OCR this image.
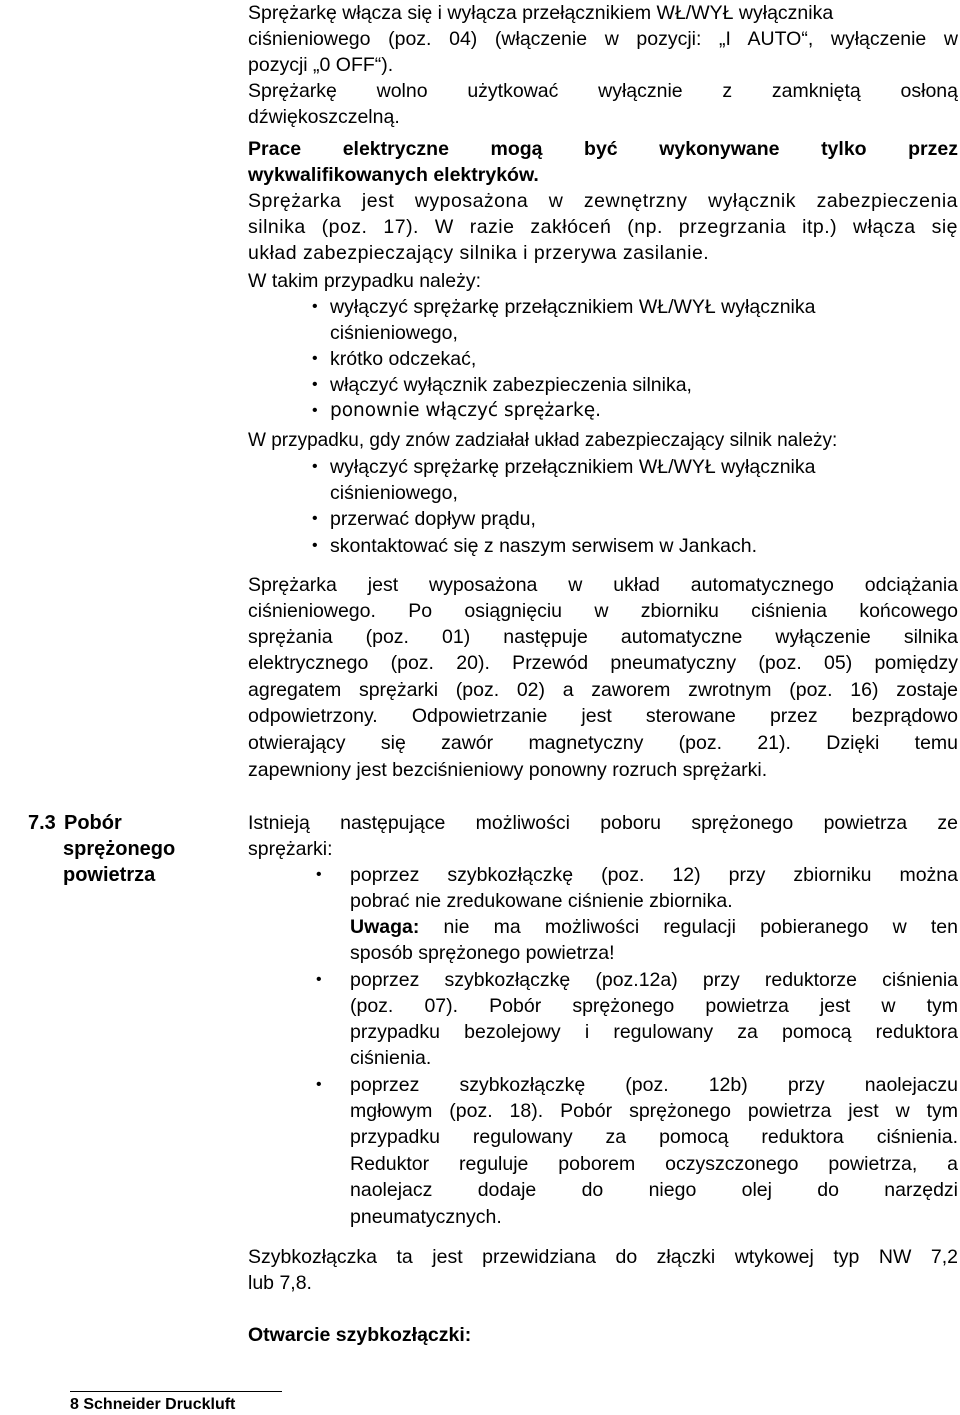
Sprężarkę włącza się i wyłącza przełącznikiem WŁ/WYŁ wyłącznika
ciśnieniowego (poz. 04) (włączenie w pozycji: „I AUTO“, wyłączenie w
pozycji „0 OFF“).
Sprężarkę wolno użytkować wyłącznie z zamkniętą osłoną
dźwiękoszczelną.
Prace elektryczne mogą być wykonywane tylko przez
wykwalifikowanych elektryków.
Sprężarka jest wyposażona w zewnętrzny wyłącznik zabezpieczenia
silnika (poz. 17). W razie zakłóceń (np. przegrzania itp.) włącza się
układ zabezpieczający silnika i przerywa zasilanie.
W takim przypadku należy:
• wyłączyć sprężarkę przełącznikiem WŁ/WYŁ wyłącznika
ciśnieniowego,
• krótko odczekać,
• włączyć wyłącznik zabezpieczenia silnika,
• ponownie włączyć sprężarkę.
W przypadku, gdy znów zadziałał układ zabezpieczający silnik należy:
• wyłączyć sprężarkę przełącznikiem WŁ/WYŁ wyłącznika
ciśnieniowego,
• przerwać dopływ prądu,
• skontaktować się z naszym serwisem w Jankach.
Sprężarka jest wyposażona w układ automatycznego odciążania
ciśnieniowego. Po osiągnięciu w zbiorniku ciśnienia końcowego
sprężania (poz. 01) następuje automatyczne wyłączenie silnika
elektrycznego (poz. 20). Przewód pneumatyczny (poz. 05) pomiędzy
agregatem sprężarki (poz. 02) a zaworem zwrotnym (poz. 16) zostaje
odpowietrzony. Odpowietrzanie jest sterowane przez bezprądowo
otwierający się zawór magnetyczny (poz. 21). Dzięki temu
zapewniony jest bezciśnieniowy ponowny rozruch sprężarki.
7.3 Pobór
sprężonego
powietrza
Istnieją następujące możliwości poboru sprężonego powietrza ze
sprężarki:
• poprzez szybkozłączkę (poz. 12) przy zbiorniku można
pobrać nie zredukowane ciśnienie zbiornika.
Uwaga: nie ma możliwości regulacji pobieranego w ten
sposób sprężonego powietrza!
• poprzez szybkozłączkę (poz.12a) przy reduktorze ciśnienia
(poz. 07). Pobór sprężonego powietrza jest w tym
przypadku bezolejowy i regulowany za pomocą reduktora
ciśnienia.
• poprzez szybkozłączkę (poz. 12b) przy naolejaczu
mgłowym (poz. 18). Pobór sprężonego powietrza jest w tym
przypadku regulowany za pomocą reduktora ciśnienia.
Reduktor reguluje poborem oczyszczonego powietrza, a
naolejacz dodaje do niego olej do narzędzi
pneumatycznych.
Szybkozłączka ta jest przewidziana do złączki wtykowej typ NW 7,2
lub 7,8.
Otwarcie szybkozłączki:
8 Schneider Druckluft
